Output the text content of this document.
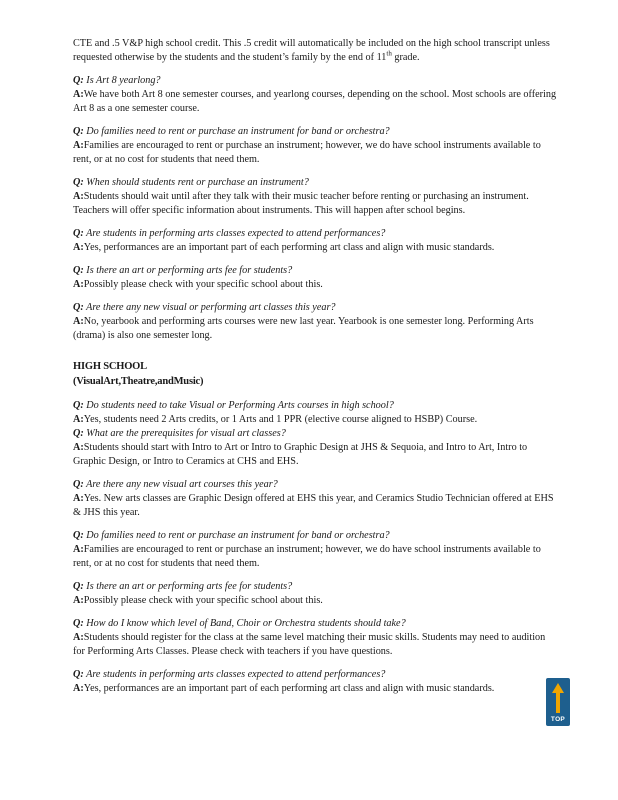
CTE and .5 V&P high school credit. This .5 credit will automatically be included on the high school transcript unless requested otherwise by the students and the student’s family by the end of 11th grade.

Q: Is Art 8 yearlong?

A:We have both Art 8 one semester courses, and yearlong courses, depending on the school. Most schools are offering Art 8 as a one semester course.

Q: Do families need to rent or purchase an instrument for band or orchestra?

A:Families are encouraged to rent or purchase an instrument; however, we do have school instruments available to rent, or at no cost for students that need them.

Q: When should students rent or purchase an instrument?

A:Students should wait until after they talk with their music teacher before renting or purchasing an instrument. Teachers will offer specific information about instruments. This will happen after school begins.

Q: Are students in performing arts classes expected to attend performances?

A:Yes, performances are an important part of each performing art class and align with music standards.

Q: Is there an art or performing arts fee for students?

A:Possibly please check with your specific school about this.

Q: Are there any new visual or performing art classes this year?

A:No, yearbook and performing arts courses were new last year. Yearbook is one semester long. Performing Arts (drama) is also one semester long.

HIGH SCHOOL

(VisualArt,Theatre,andMusic)

Q: Do students need to take Visual or Performing Arts courses in high school?

A:Yes, students need 2 Arts credits, or 1 Arts and 1 PPR (elective course aligned to HSBP) Course.

Q: What are the prerequisites for visual art classes?

A:Students should start with Intro to Art or Intro to Graphic Design at JHS & Sequoia, and Intro to Art, Intro to Graphic Design, or Intro to Ceramics at CHS and EHS.

Q: Are there any new visual art courses this year?

A:Yes. New arts classes are Graphic Design offered at EHS this year, and Ceramics Studio Technician offered at EHS & JHS this year.

Q: Do families need to rent or purchase an instrument for band or orchestra?

A:Families are encouraged to rent or purchase an instrument; however, we do have school instruments available to rent, or at no cost for students that need them.

Q: Is there an art or performing arts fee for students?

A:Possibly please check with your specific school about this.

Q: How do I know which level of Band, Choir or Orchestra students should take?

A:Students should register for the class at the same level matching their music skills. Students may need to audition for Performing Arts Classes. Please check with teachers if you have questions.

Q: Are students in performing arts classes expected to attend performances?

A:Yes, performances are an important part of each performing art class and align with music standards.

TOP
